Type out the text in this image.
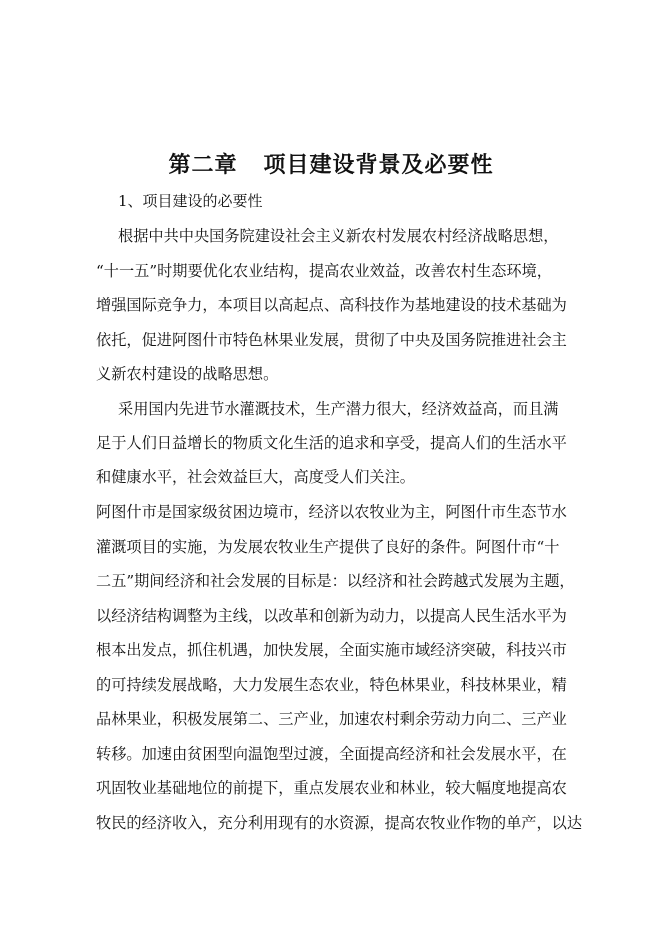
第二章 项目建设背景及必要性
1、项目建设的必要性
根据中共中央国务院建设社会主义新农村发展农村经济战略思想，
“十一五”时期要优化农业结构，提高农业效益，改善农村生态环境，
增强国际竞争力，本项目以高起点、高科技作为基地建设的技术基础为
依托，促进阿图什市特色林果业发展，贯彻了中央及国务院推进社会主
义新农村建设的战略思想。
采用国内先进节水灌溉技术，生产潜力很大，经济效益高，而且满
足于人们日益增长的物质文化生活的追求和享受，提高人们的生活水平
和健康水平，社会效益巨大，高度受人们关注。
阿图什市是国家级贫困边境市，经济以农牧业为主，阿图什市生态节水
灌溉项目的实施，为发展农牧业生产提供了良好的条件。阿图什市“十
二五”期间经济和社会发展的目标是：以经济和社会跨越式发展为主题，
以经济结构调整为主线，以改革和创新为动力，以提高人民生活水平为
根本出发点，抓住机遇，加快发展，全面实施市域经济突破，科技兴市
的可持续发展战略，大力发展生态农业，特色林果业，科技林果业，精
品林果业，积极发展第二、三产业，加速农村剩余劳动力向二、三产业
转移。加速由贫困型向温饱型过渡，全面提高经济和社会发展水平，在
巩固牧业基础地位的前提下，重点发展农业和林业，较大幅度地提高农
牧民的经济收入，充分利用现有的水资源，提高农牧业作物的单产，以达
